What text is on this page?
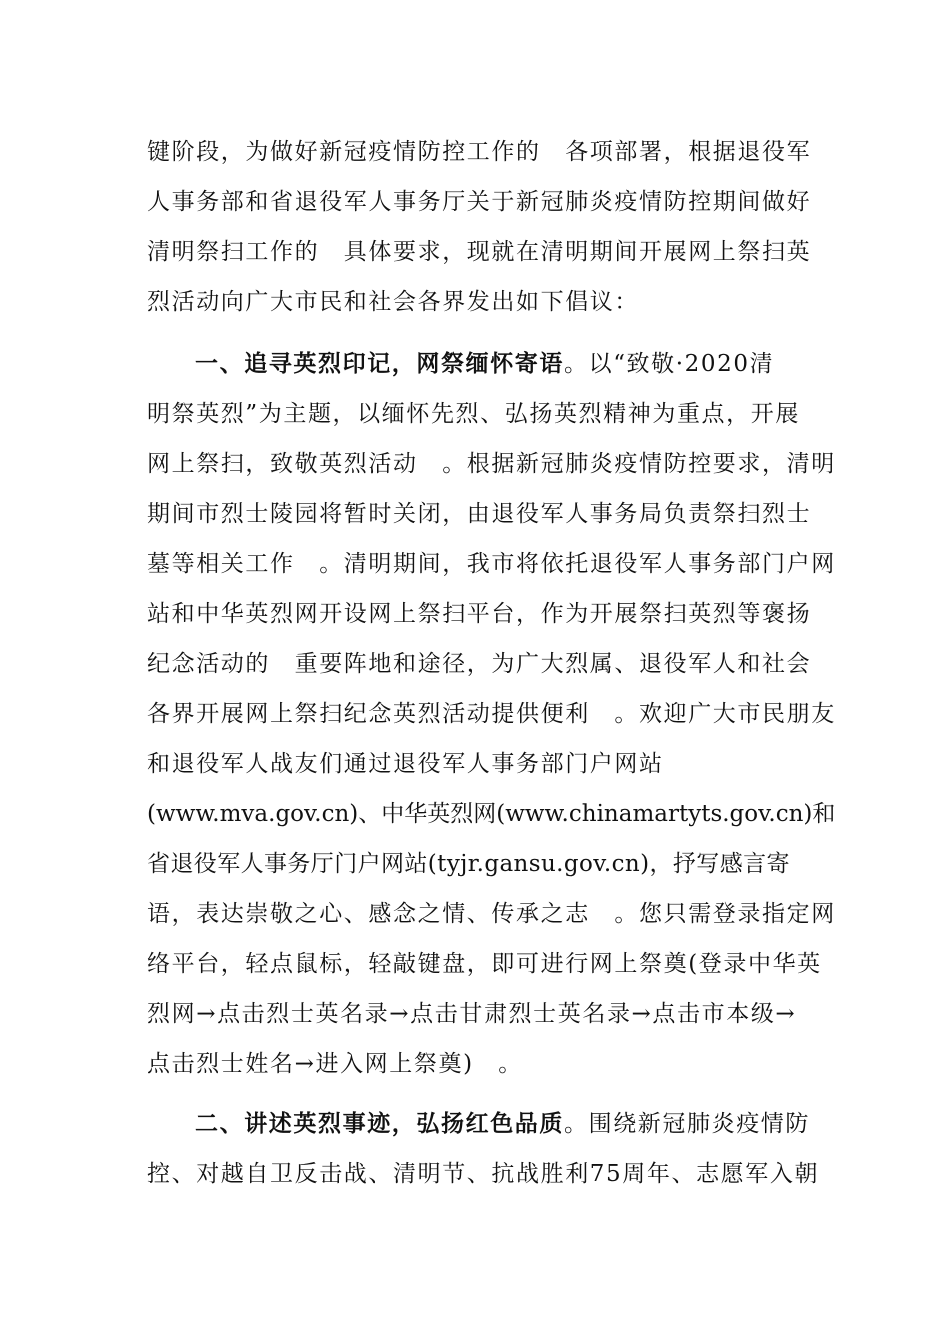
键阶段，为做好新冠疫情防控工作的　各项部署，根据退役军
人事务部和省退役军人事务厅关于新冠肺炎疫情防控期间做好
清明祭扫工作的　具体要求，现就在清明期间开展网上祭扫英
烈活动向广大市民和社会各界发出如下倡议：
一、追寻英烈印记，网祭缅怀寄语。以“致敬·2020清
明祭英烈”为主题，以缅怀先烈、弘扬英烈精神为重点，开展
网上祭扫，致敬英烈活动　。根据新冠肺炎疫情防控要求，清明
期间市烈士陵园将暂时关闭，由退役军人事务局负责祭扫烈士
墓等相关工作　。清明期间，我市将依托退役军人事务部门户网
站和中华英烈网开设网上祭扫平台，作为开展祭扫英烈等褒扬
纪念活动的　重要阵地和途径，为广大烈属、退役军人和社会
各界开展网上祭扫纪念英烈活动提供便利　。欢迎广大市民朋友
和退役军人战友们通过退役军人事务部门户网站
(www.mva.gov.cn)、中华英烈网(www.chinamartyts.gov.cn)和
省退役军人事务厅门户网站(tyjr.gansu.gov.cn)，抒写感言寄
语，表达崇敬之心、感念之情、传承之志　。您只需登录指定网
络平台，轻点鼠标，轻敲键盘，即可进行网上祭奠(登录中华英
烈网→点击烈士英名录→点击甘肃烈士英名录→点击市本级→
点击烈士姓名→进入网上祭奠)　。
二、讲述英烈事迹，弘扬红色品质。围绕新冠肺炎疫情防
控、对越自卫反击战、清明节、抗战胜利75周年、志愿军入朝
